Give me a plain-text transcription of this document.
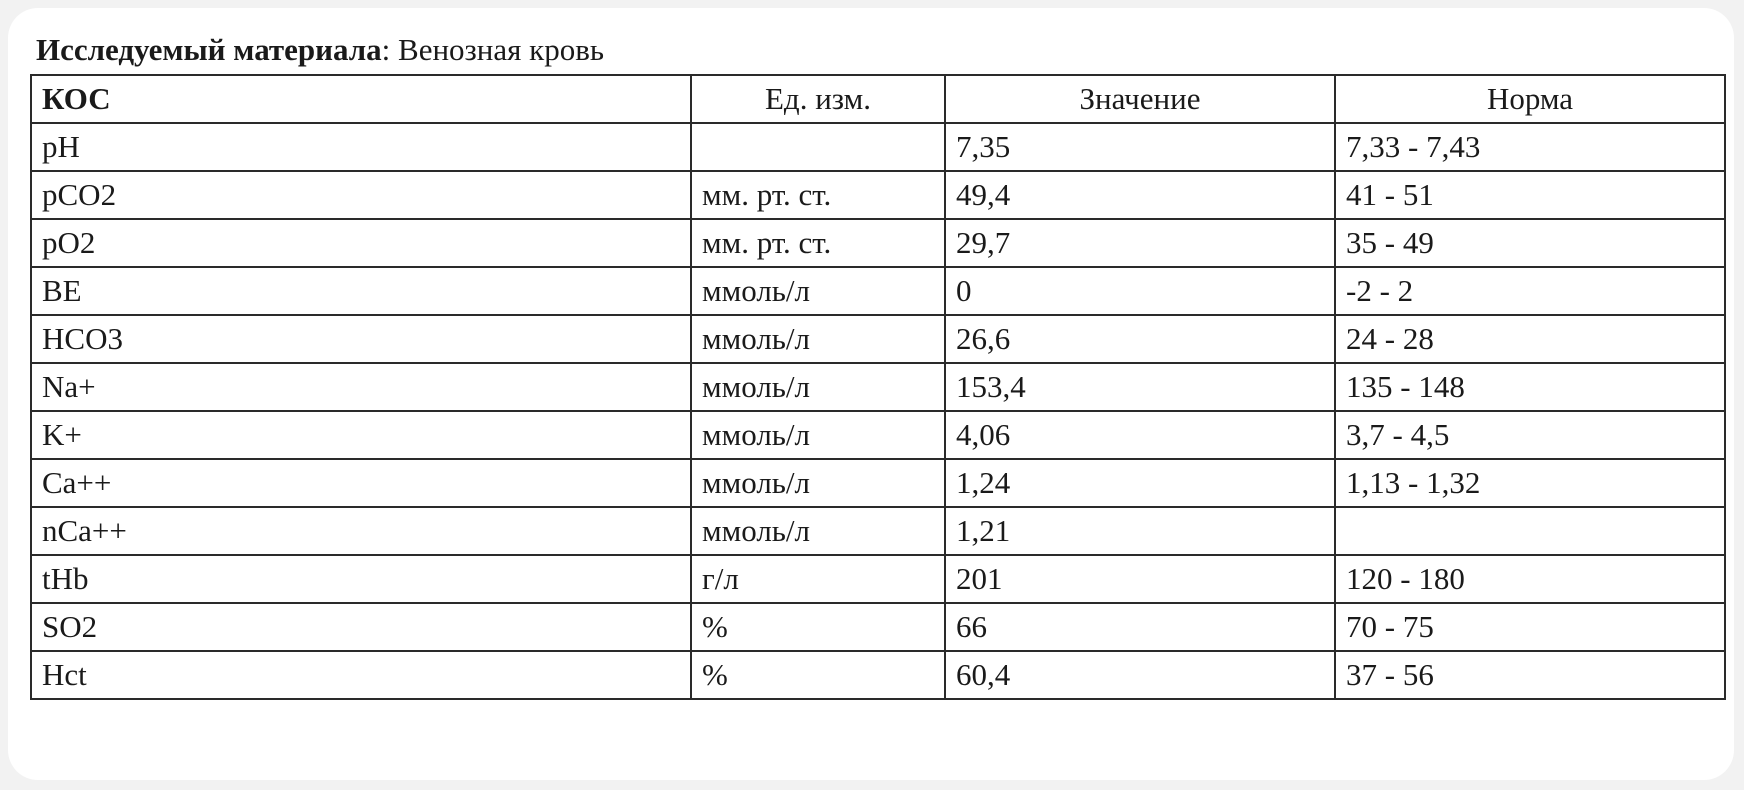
Исследуемый материала: Венозная кровь
КОС	Ед. изм.	Значение	Норма
pH		7,35	7,33 - 7,43
pCO2	мм. рт. ст.	49,4	41 - 51
pO2	мм. рт. ст.	29,7	35 - 49
BE	ммоль/л	0	-2 - 2
HCO3	ммоль/л	26,6	24 - 28
Na+	ммоль/л	153,4	135 - 148
K+	ммоль/л	4,06	3,7 - 4,5
Ca++	ммоль/л	1,24	1,13 - 1,32
nCa++	ммоль/л	1,21	
tHb	г/л	201	120 - 180
SO2	%	66	70 - 75
Hct	%	60,4	37 - 56
